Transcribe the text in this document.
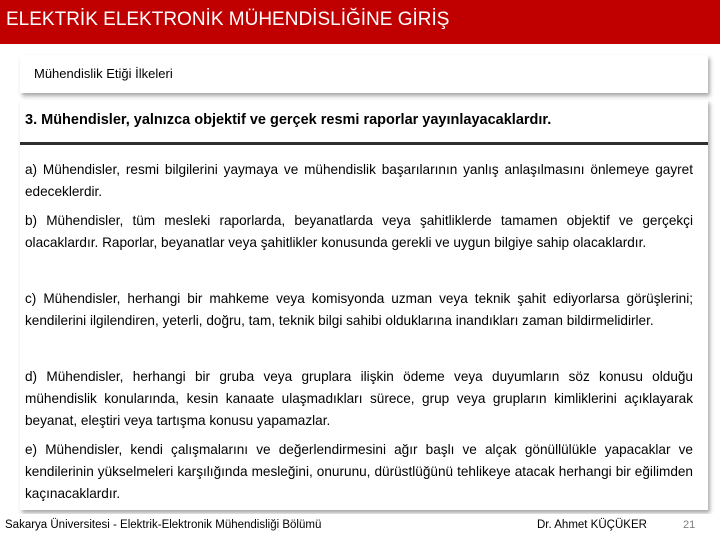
ELEKTRİK ELEKTRONİK MÜHENDİSLİĞİNE GİRİŞ
Mühendislik Etiği İlkeleri
3. Mühendisler, yalnızca objektif ve gerçek resmi raporlar yayınlayacaklardır.
a) Mühendisler, resmi bilgilerini yaymaya ve mühendislik başarılarının yanlış anlaşılmasını önlemeye gayret edeceklerdir.
b) Mühendisler, tüm mesleki raporlarda, beyanatlarda veya şahitliklerde tamamen objektif ve gerçekçi olacaklardır. Raporlar, beyanatlar veya şahitlikler konusunda gerekli ve uygun bilgiye sahip olacaklardır.
c) Mühendisler, herhangi bir mahkeme veya komisyonda uzman veya teknik şahit ediyorlarsa görüşlerini; kendilerini ilgilendiren, yeterli, doğru, tam, teknik bilgi sahibi olduklarına inandıkları zaman bildirmelidirler.
d) Mühendisler, herhangi bir gruba veya gruplara ilişkin ödeme veya duyumların söz konusu olduğu mühendislik konularında, kesin kanaate ulaşmadıkları sürece, grup veya grupların kimliklerini açıklayarak beyanat, eleştiri veya tartışma konusu yapamazlar.
e) Mühendisler, kendi çalışmalarını ve değerlendirmesini ağır başlı ve alçak gönüllülükle yapacaklar ve kendilerinin yükselmeleri karşılığında mesleğini, onurunu, dürüstlüğünü tehlikeye atacak herhangi bir eğilimden kaçınacaklardır.
Sakarya Üniversitesi - Elektrik-Elektronik Mühendisliği Bölümü	Dr. Ahmet KÜÇÜKER	21
